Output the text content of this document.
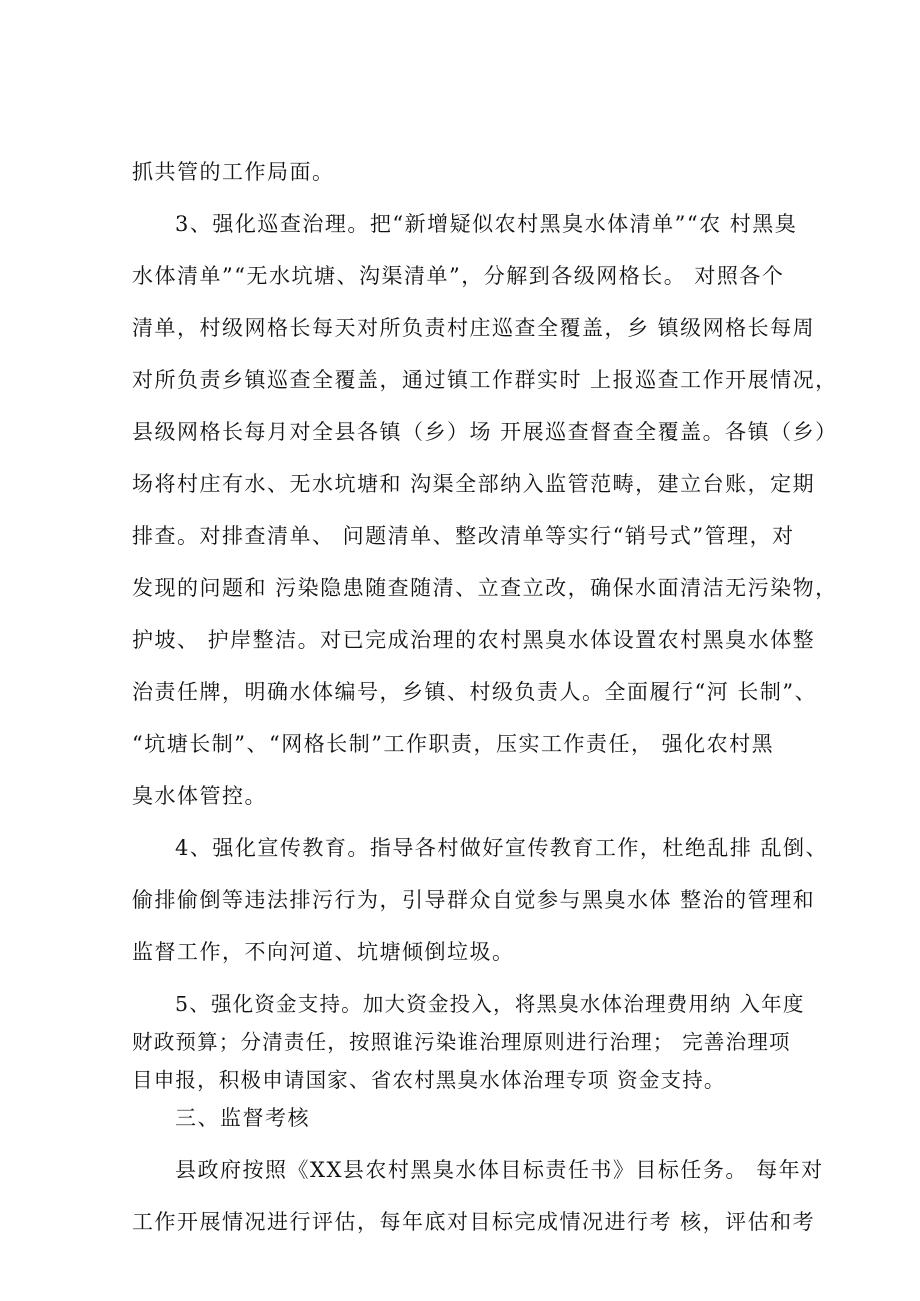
抓共管的工作局面。
3、强化巡查治理。把“新增疑似农村黑臭水体清单”“农 村黑臭
水体清单”“无水坑塘、沟渠清单”，分解到各级网格长。 对照各个
清单，村级网格长每天对所负责村庄巡查全覆盖，乡 镇级网格长每周
对所负责乡镇巡查全覆盖，通过镇工作群实时 上报巡查工作开展情况，
县级网格长每月对全县各镇（乡）场 开展巡查督查全覆盖。各镇（乡）
场将村庄有水、无水坑塘和 沟渠全部纳入监管范畴，建立台账，定期
排查。对排查清单、 问题清单、整改清单等实行“销号式”管理，对
发现的问题和 污染隐患随查随清、立查立改，确保水面清洁无污染物，
护坡、 护岸整洁。对已完成治理的农村黑臭水体设置农村黑臭水体整
治责任牌，明确水体编号，乡镇、村级负责人。全面履行“河 长制”、
“坑塘长制”、“网格长制”工作职责，压实工作责任， 强化农村黑
臭水体管控。
4、强化宣传教育。指导各村做好宣传教育工作，杜绝乱排 乱倒、
偷排偷倒等违法排污行为，引导群众自觉参与黑臭水体 整治的管理和
监督工作，不向河道、坑塘倾倒垃圾。
5、强化资金支持。加大资金投入，将黑臭水体治理费用纳 入年度
财政预算；分清责任，按照谁污染谁治理原则进行治理； 完善治理项
目申报，积极申请国家、省农村黑臭水体治理专项 资金支持。
三、监督考核
县政府按照《XX县农村黑臭水体目标责任书》目标任务。 每年对
工作开展情况进行评估，每年底对目标完成情况进行考 核，评估和考
